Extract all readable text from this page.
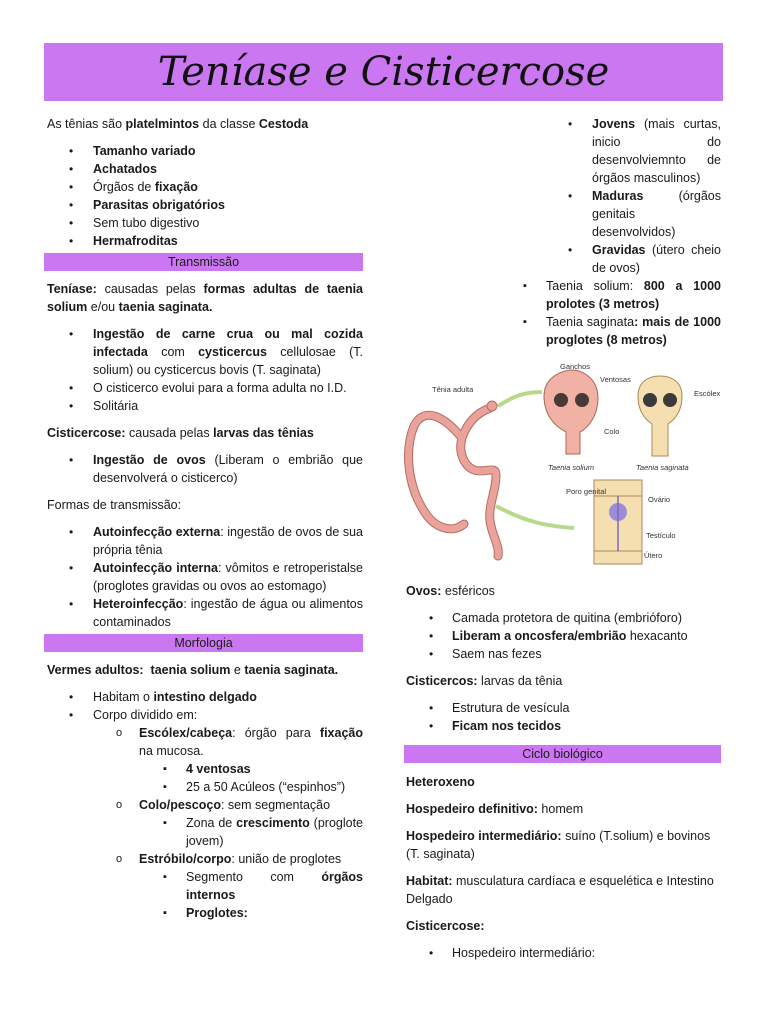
Teníase e Cisticercose

As tênias são platelmintos da classe Cestoda

• Tamanho variado
• Achatados
• Órgãos de fixação
• Parasitas obrigatórios
• Sem tubo digestivo
• Hermafroditas
Transmissão

Teníase: causadas pelas formas adultas de taenia solium e/ou taenia saginata.

• Ingestão de carne crua ou mal cozida infectada com cysticercus cellulosae (T. solium) ou cysticercus bovis (T. saginata)
• O cisticerco evolui para a forma adulta no I.D.
• Solitária

Cisticercose: causada pelas larvas das tênias

• Ingestão de ovos (Liberam o embrião que desenvolverá o cisticerco)

Formas de transmissão:

• Autoinfecção externa: ingestão de ovos de sua própria tênia
• Autoinfecção interna: vômitos e retroperistalse (proglotes gravidas ou ovos ao estomago)
• Heteroinfecção: ingestão de água ou alimentos contaminados
Morfologia

Vermes adultos: taenia solium e taenia saginata.

• Habitam o intestino delgado
• Corpo dividido em:
o Escólex/cabeça: órgão para fixação na mucosa.
▪ 4 ventosas
▪ 25 a 50 Acúleos (“espinhos”)
o Colo/pescoço: sem segmentação
▪ Zona de crescimento (proglote jovem)
o Estróbilo/corpo: união de proglotes
▪ Segmento com órgãos internos
▪ Proglotes:
• Jovens (mais curtas, inicio do desenvolviemnto de órgãos masculinos)
• Maduras (órgãos genitais desenvolvidos)
• Gravidas (útero cheio de ovos)
▪ Taenia solium: 800 a 1000 prolotes (3 metros)
▪ Taenia saginata: mais de 1000 proglotes (8 metros)
Tênia adulta
Ganchos
Ventosas
Colo
Taenia solium
Escólex
Taenia saginata
Poro genital
Ovário
Testículo
Útero

Ovos: esféricos

• Camada protetora de quitina (embrióforo)
• Liberam a oncosfera/embrião hexacanto
• Saem nas fezes

Cisticercos: larvas da tênia

• Estrutura de vesícula
• Ficam nos tecidos
Ciclo biológico

Heteroxeno

Hospedeiro definitivo: homem

Hospedeiro intermediário: suíno (T.solium) e bovinos (T. saginata)

Habitat: musculatura cardíaca e esquelética e Intestino Delgado

Cisticercose:

• Hospedeiro intermediário:
